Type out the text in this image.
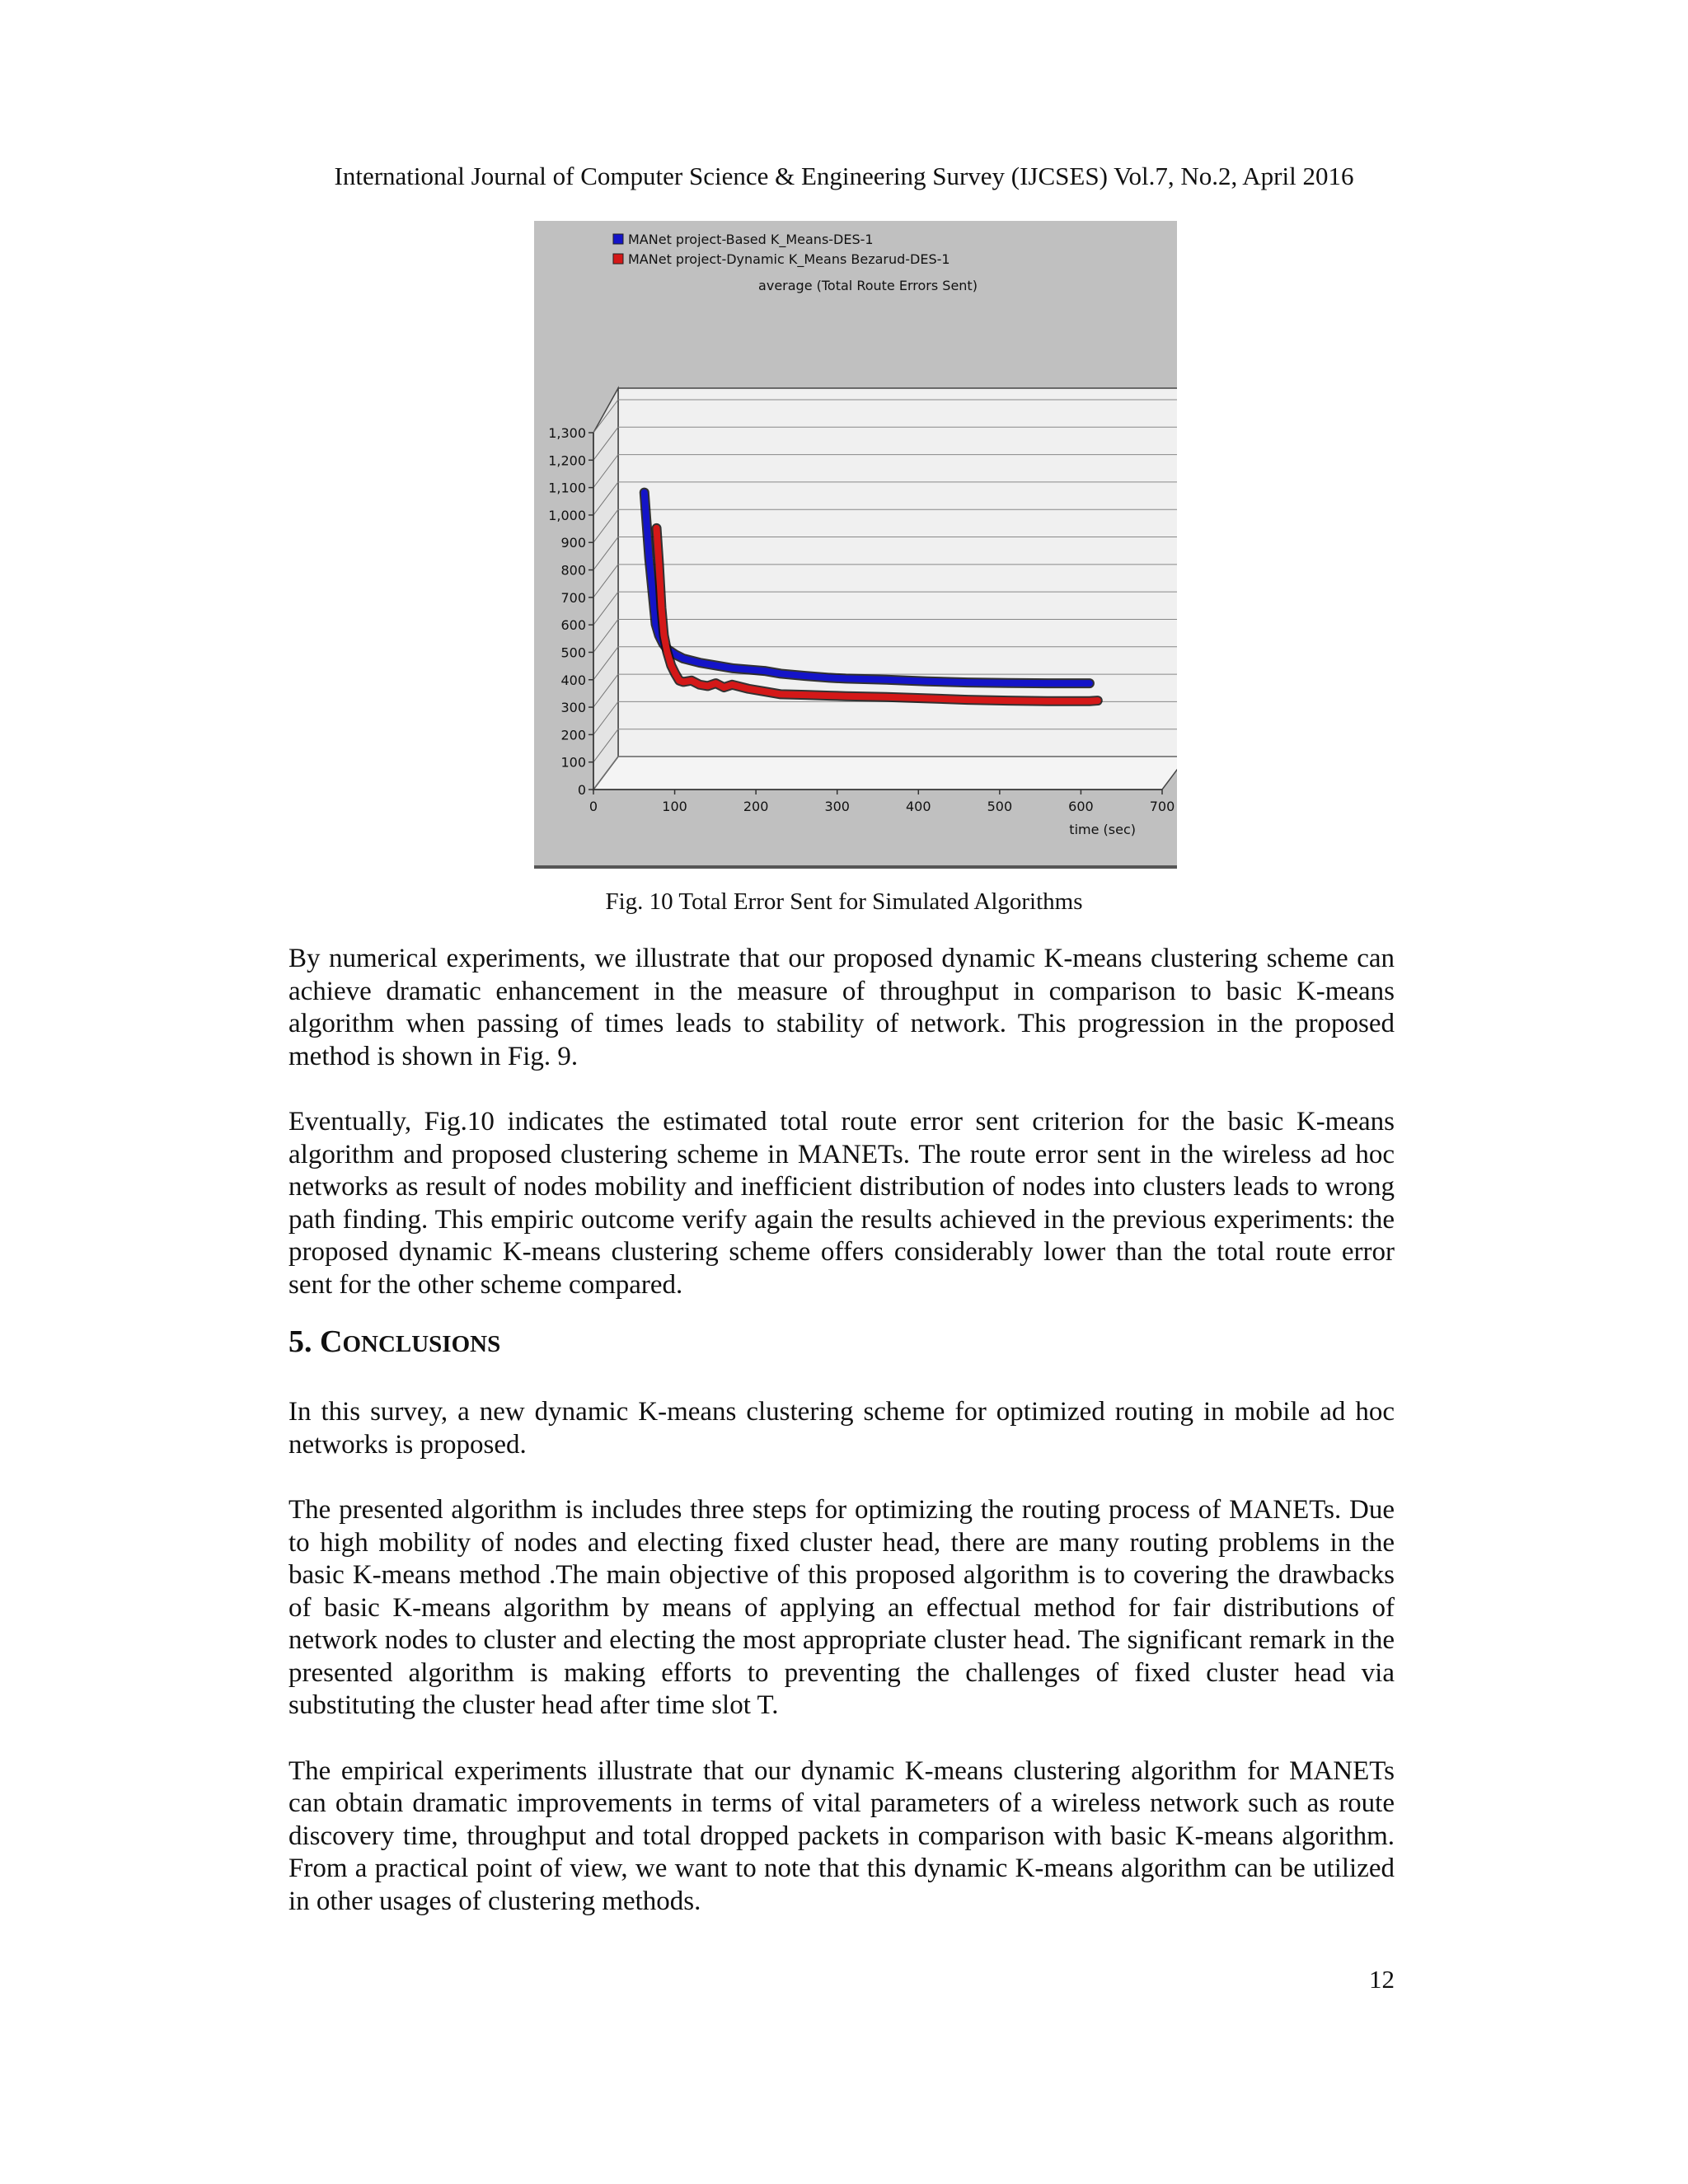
International Journal of Computer Science & Engineering Survey (IJCSES) Vol.7, No.2, April 2016
0
100
200
300
400
500
600
700
800
900
1,000
1,100
1,200
1,300
0	100	200	300	400	500	600	700
time (sec)
average (Total Route Errors Sent)
MANet project-Based K_Means-DES-1
MANet project-Dynamic K_Means Bezarud-DES-1
Fig. 10 Total Error Sent for Simulated Algorithms

By numerical experiments, we illustrate that our proposed dynamic K-means clustering scheme can achieve dramatic enhancement in the measure of throughput in comparison to basic K-means algorithm when passing of times leads to stability of network. This progression in the proposed method is shown in Fig. 9.

Eventually, Fig.10 indicates the estimated total route error sent criterion for the basic K-means algorithm and proposed clustering scheme in MANETs. The route error sent in the wireless ad hoc networks as result of nodes mobility and inefficient distribution of nodes into clusters leads to wrong path finding. This empiric outcome verify again the results achieved in the previous experiments: the proposed dynamic K-means clustering scheme offers considerably lower than the total route error sent for the other scheme compared.

5. CONCLUSIONS

In this survey, a new dynamic K-means clustering scheme for optimized routing in mobile ad hoc networks is proposed.

The presented algorithm is includes three steps for optimizing the routing process of MANETs. Due to high mobility of nodes and electing fixed cluster head, there are many routing problems in the basic K-means method .The main objective of this proposed algorithm is to covering the drawbacks of basic K-means algorithm by means of applying an effectual method for fair distributions of network nodes to cluster and electing the most appropriate cluster head. The significant remark in the presented algorithm is making efforts to preventing the challenges of fixed cluster head via substituting the cluster head after time slot T.

The empirical experiments illustrate that our dynamic K-means clustering algorithm for MANETs can obtain dramatic improvements in terms of vital parameters of a wireless network such as route discovery time, throughput and total dropped packets in comparison with basic K-means algorithm. From a practical point of view, we want to note that this dynamic K-means algorithm can be utilized in other usages of clustering methods.

12
